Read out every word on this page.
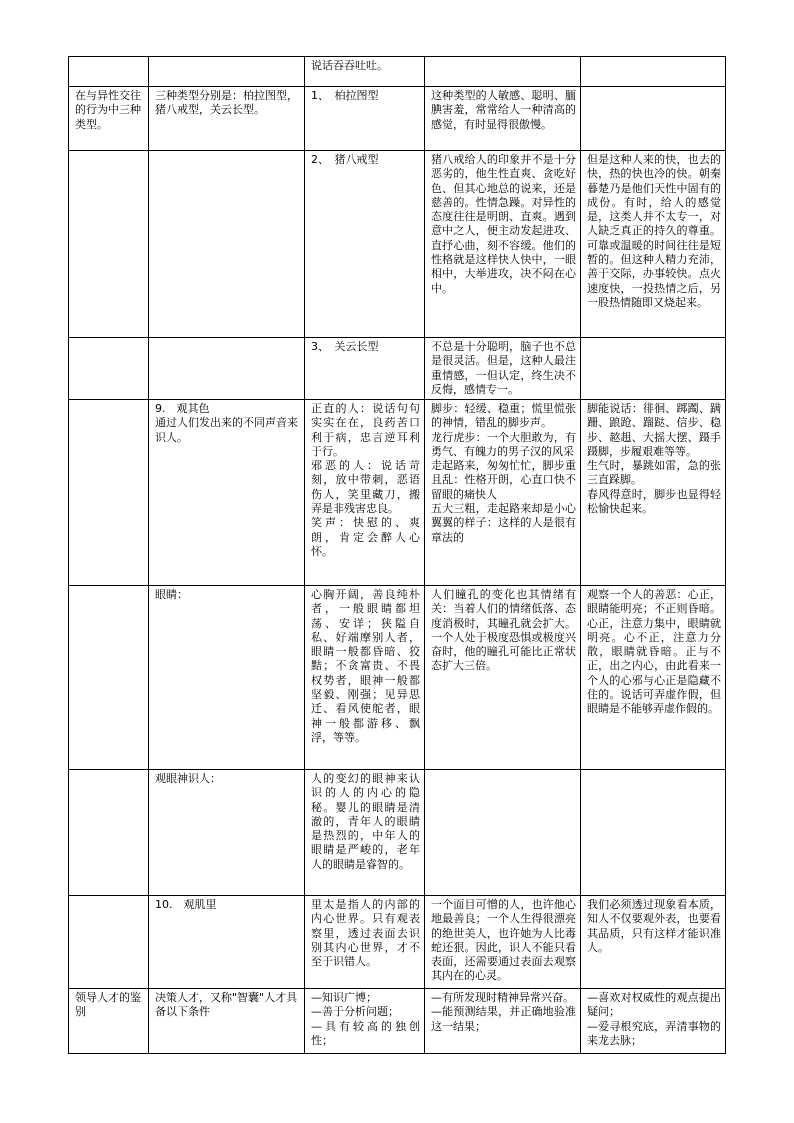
		说话吞吞吐吐。		

在与异性交往的行为中三种类型。	三种类型分别是：柏拉图型，猪八戒型，关云长型。	1、　柏拉图型	这种类型的人敏感、聪明、腼腆害羞，常常给人一种清高的感觉，有时显得很傲慢。	

		2、　猪八戒型	猪八戒给人的印象并不是十分恶劣的，他生性直爽、贪吃好色、但其心地总的说来，还是慈善的。性情急躁。对异性的态度往往是明朗、直爽。遇到意中之人，便主动发起进攻、直抒心曲，刻不容缓。他们的性格就是这样快人快中，一眼相中，大举进攻，决不闷在心中。	但是这种人来的快，也去的快，热的快也冷的快。朝秦暮楚乃是他们天性中固有的成份。有时，给人的感觉是，这类人并不太专一，对人缺乏真正的持久的尊重。可靠或温暖的时间往往是短暂的。但这种人精力充沛，善于交际，办事较快。点火速度快，一投热情之后，另一股热情随即又烧起来。

		3、　关云长型	不总是十分聪明，脑子也不总是很灵活。但是，这种人最注重情感，一但认定，终生决不反悔，感情专一。	

	9.　观其色
通过人们发出来的不同声音来识人。	正直的人：说话句句实实在在，良药苦口利于病，忠言逆耳利于行。
邪恶的人：说话苛刻，放中带刺，恶语伤人，笑里藏刀，搬弄是非残害忠良。
笑声：快慰的、爽朗，肯定会醉人心怀。	脚步：轻缓、稳重；慌里慌张的神情，错乱的脚步声。
龙行虎步：一个大胆敢为，有勇气、有魄力的男子汉的风采
走起路来，匆匆忙忙，脚步重且乱：性格开朗，心直口快不留眼的痛快人
五大三粗，走起路来却是小心翼翼的样子：这样的人是很有章法的	脚能说话：徘徊、踯躅、蹒跚、踉跄、蹓跶、信步、稳步、趑趄、大摇大摆、蹑手蹑脚，步履艰难等等。
生气时，暴跳如雷，急的张三直跺脚。
春风得意时，脚步也显得轻松愉快起来。

	眼睛：	心胸开阔，善良纯朴者，一般眼睛都坦荡、安详；狭隘自私、好端摩别人者，眼睛一般都昏暗、狡黠；不贪富贵、不畏权势者，眼神一般都坚毅、刚强；见异思迁、看风使舵者，眼神一般都游移、飘浮，等等。	人们瞳孔的变化也其情绪有关：当着人们的情绪低落、态度消极时，其瞳孔就会扩大。一个人处于极度恐惧或极度兴奋时，他的瞳孔可能比正常状态扩大三倍。	观察一个人的善恶：心正，眼睛能明亮；不正则昏暗。心正，注意力集中，眼睛就明亮。心不正，注意力分散，眼睛就昏暗。正与不正，出之内心，由此看来一个人的心邪与心正是隐藏不住的。说话可弄虚作假，但眼睛是不能够弄虚作假的。

	观眼神识人：	人的变幻的眼神来认识的人的内心的隐秘。婴儿的眼睛是清澈的，青年人的眼睛是热烈的，中年人的眼睛是严峻的，老年人的眼睛是睿智的。		

	10.　观肌里	里太是指人的内部的内心世界。只有观表察里，透过表面去识别其内心世界，才不至于识错人。	一个面目可憎的人，也许他心地最善良；一个人生得很漂亮的绝世美人，也许她为人比毒蛇还狠。因此，识人不能只看表面，还需要通过表面去观察其内在的心灵。	我们必须透过现象看本质，知人不仅要观外表，也要看其品质，只有这样才能识准人。

领导人才的鉴别	决策人才，又称"智囊"人才具备以下条件	—知识广博；
—善于分析问题；
—具有较高的独创性；	—有所发现时精神异常兴奋。
—能预测结果，并正确地验准这一结果；	—喜欢对权威性的观点提出疑问；
—爱寻根究底，弄清事物的来龙去脉；
